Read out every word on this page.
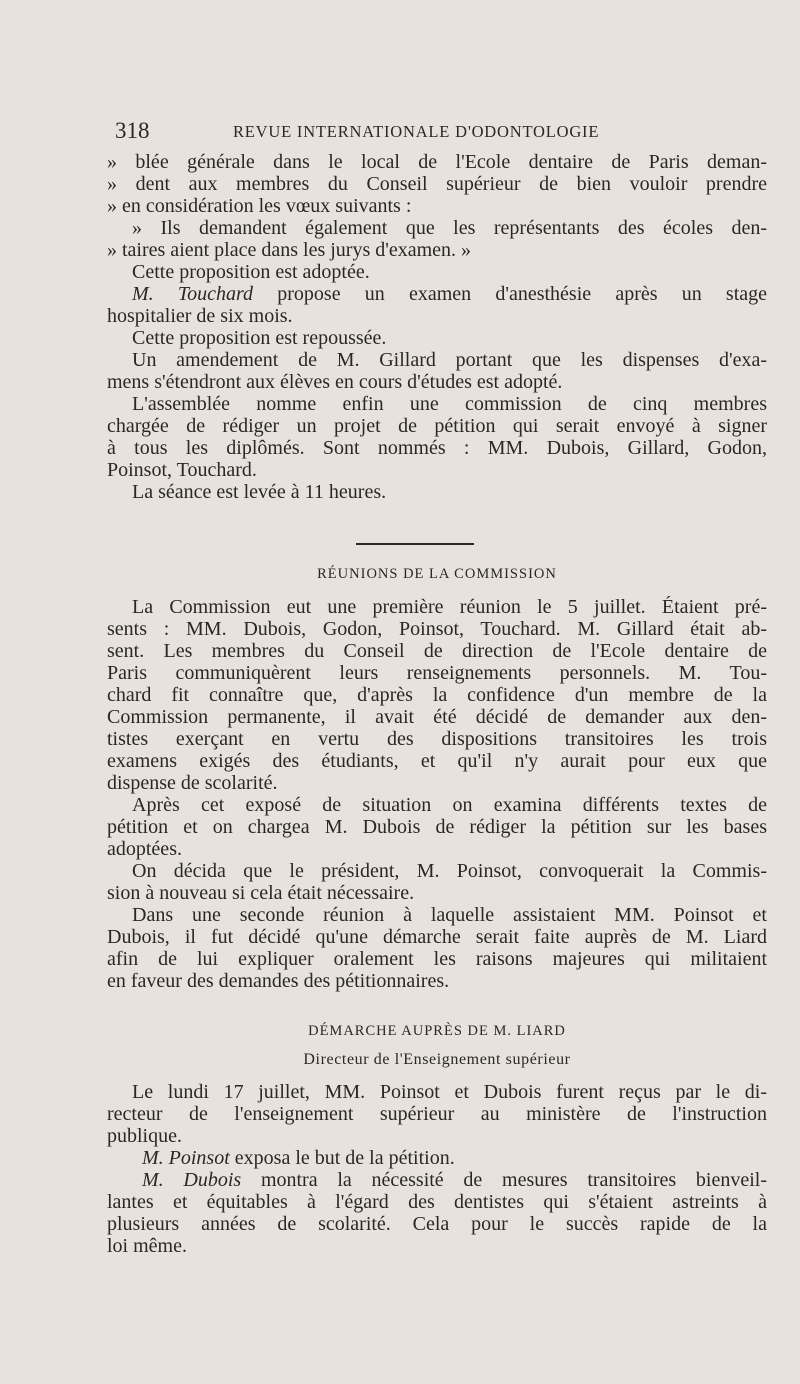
318	REVUE INTERNATIONALE D'ODONTOLOGIE
» blée générale dans le local de l'Ecole dentaire de Paris deman-
» dent aux membres du Conseil supérieur de bien vouloir prendre
» en considération les vœux suivants :
» Ils demandent également que les représentants des écoles den-
» taires aient place dans les jurys d'examen. »
Cette proposition est adoptée.
M. Touchard propose un examen d'anesthésie après un stage
hospitalier de six mois.
Cette proposition est repoussée.
Un amendement de M. Gillard portant que les dispenses d'exa-
mens s'étendront aux élèves en cours d'études est adopté.
L'assemblée nomme enfin une commission de cinq membres
chargée de rédiger un projet de pétition qui serait envoyé à signer
à tous les diplômés. Sont nommés : MM. Dubois, Gillard, Godon,
Poinsot, Touchard.
La séance est levée à 11 heures.
RÉUNIONS DE LA COMMISSION
La Commission eut une première réunion le 5 juillet. Étaient pré-
sents : MM. Dubois, Godon, Poinsot, Touchard. M. Gillard était ab-
sent. Les membres du Conseil de direction de l'Ecole dentaire de
Paris communiquèrent leurs renseignements personnels. M. Tou-
chard fit connaître que, d'après la confidence d'un membre de la
Commission permanente, il avait été décidé de demander aux den-
tistes exerçant en vertu des dispositions transitoires les trois
examens exigés des étudiants, et qu'il n'y aurait pour eux que
dispense de scolarité.
Après cet exposé de situation on examina différents textes de
pétition et on chargea M. Dubois de rédiger la pétition sur les bases
adoptées.
On décida que le président, M. Poinsot, convoquerait la Commis-
sion à nouveau si cela était nécessaire.
Dans une seconde réunion à laquelle assistaient MM. Poinsot et
Dubois, il fut décidé qu'une démarche serait faite auprès de M. Liard
afin de lui expliquer oralement les raisons majeures qui militaient
en faveur des demandes des pétitionnaires.
DÉMARCHE AUPRÈS DE M. LIARD
Directeur de l'Enseignement supérieur
Le lundi 17 juillet, MM. Poinsot et Dubois furent reçus par le di-
recteur de l'enseignement supérieur au ministère de l'instruction
publique.
M. Poinsot exposa le but de la pétition.
M. Dubois montra la nécessité de mesures transitoires bienveil-
lantes et équitables à l'égard des dentistes qui s'étaient astreints à
plusieurs années de scolarité. Cela pour le succès rapide de la
loi même.
